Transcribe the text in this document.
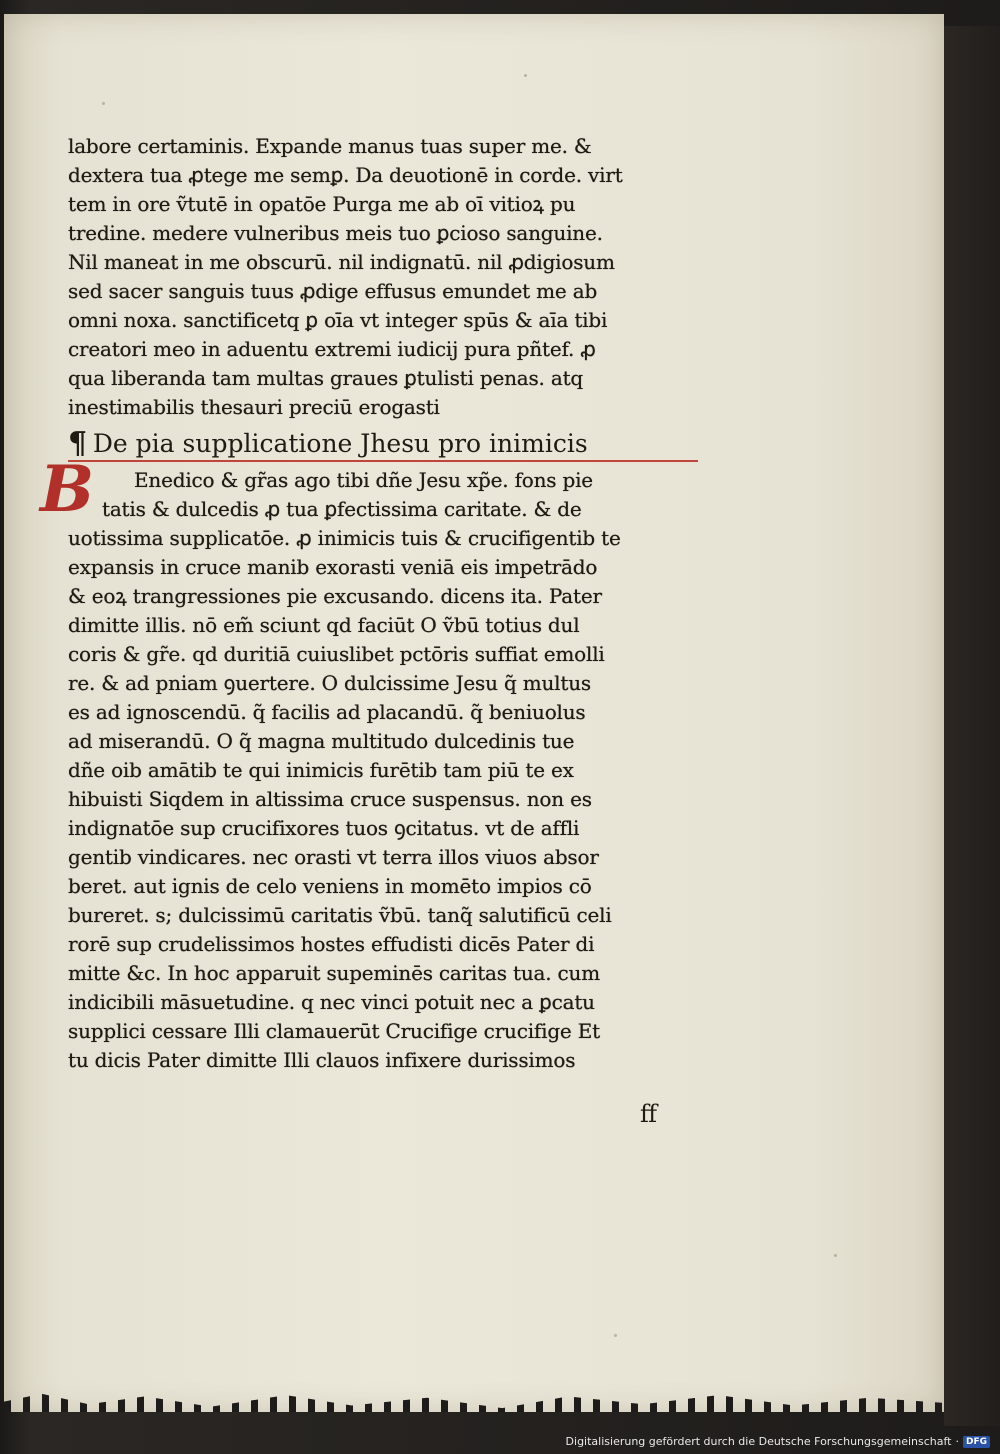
labore certaminis. Expande manus tuas super me. &
dextera tua ꝓtege me semꝑ. Da deuotionē in corde. virt
tem in ore ṽtutē in opatōe Purga me ab oī vitioꝝ pu
tredine. medere vulneribus meis tuo ꝑcioso sanguine.
Nil maneat in me obscurū. nil indignatū. nil ꝓdigiosum
sed sacer sanguis tuus ꝓdige effusus emundet me ab
omni noxa. sanctificetq ꝑ oīa vt integer spūs & aīa tibi
creatori meo in aduentu extremi iudicij pura pñtef. ꝓ
qua liberanda tam multas graues ꝑtulisti penas. atq
inestimabilis thesauri preciū erogasti
¶ De pia supplicatione Jhesu pro inimicis
B	Enedico & gr̃as ago tibi dñe Jesu xp̃e. fons pie
tatis & dulcedis ꝓ tua ꝑfectissima caritate. & de
uotissima supplicatōe. ꝓ inimicis tuis & crucifigentib te
expansis in cruce manib exorasti veniā eis impetrādo
& eoꝝ trangressiones pie excusando. dicens ita. Pater
dimitte illis. nō em̃ sciunt qd faciūt O ṽbū totius dul
coris & gr̃e. qd duritiā cuiuslibet pctōris suffiat emolli
re. & ad pniam ꝯuertere. O dulcissime Jesu q̃ multus
es ad ignoscendū. q̃ facilis ad placandū. q̃ beniuolus
ad miserandū. O q̃ magna multitudo dulcedinis tue
dñe oib amātib te qui inimicis furētib tam piū te ex
hibuisti Siqdem in altissima cruce suspensus. non es
indignatōe sup crucifixores tuos ꝯcitatus. vt de affli
gentib vindicares. nec orasti vt terra illos viuos absor
beret. aut ignis de celo veniens in momēto impios cō
bureret. s; dulcissimū caritatis ṽbū. tanq̃ salutificū celi
rorē sup crudelissimos hostes effudisti dicēs Pater di
mitte &c. In hoc apparuit supeminēs caritas tua. cum
indicibili māsuetudine. q nec vinci potuit nec a ꝑcatu
supplici cessare Illi clamauerūt Crucifige crucifige Et
tu dicis Pater dimitte Illi clauos infixere durissimos
ff
Digitalisierung gefördert durch die Deutsche Forschungsgemeinschaft · DFG
